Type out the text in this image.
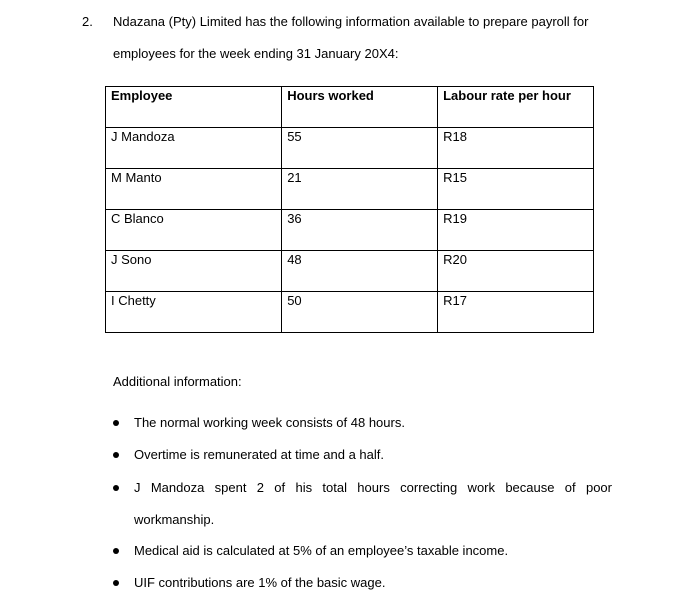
2. Ndazana (Pty) Limited has the following information available to prepare payroll for
employees for the week ending 31 January 20X4:
Employee	Hours worked	Labour rate per hour
J Mandoza	55	R18
M Manto	21	R15
C Blanco	36	R19
J Sono	48	R20
I Chetty	50	R17
Additional information:
The normal working week consists of 48 hours.
Overtime is remunerated at time and a half.
J Mandoza spent 2 of his total hours correcting work because of poor
workmanship.
Medical aid is calculated at 5% of an employee’s taxable income.
UIF contributions are 1% of the basic wage.
